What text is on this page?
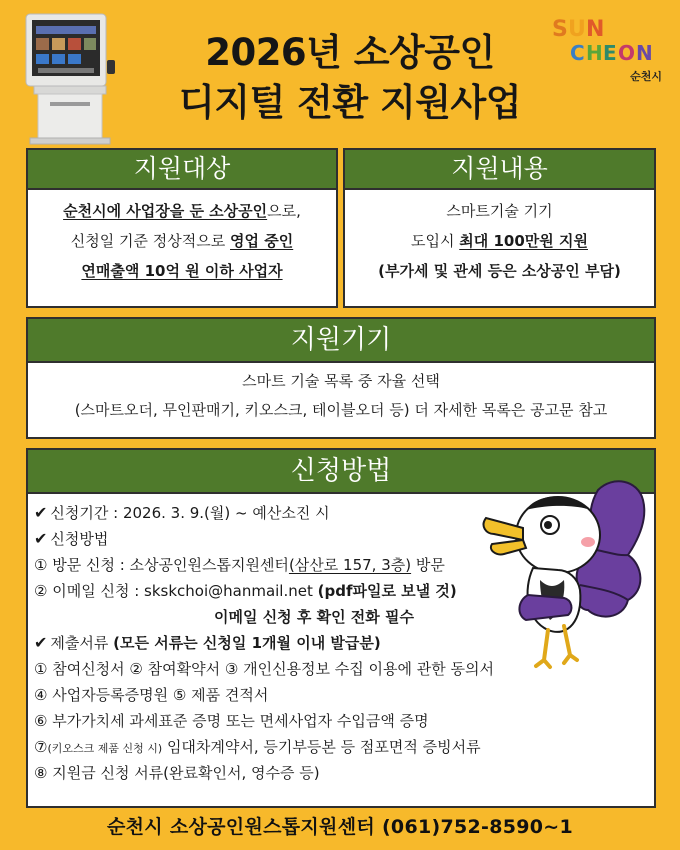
2026년 소상공인
디지털 전환 지원사업
S U N
C H E O N
순천시
지원대상
순천시에 사업장을 둔 소상공인으로,
신청일 기준 정상적으로 영업 중인
연매출액 10억 원 이하 사업자
지원내용
스마트기술 기기
도입시 최대 100만원 지원
(부가세 및 관세 등은 소상공인 부담)
지원기기
스마트 기술 목록 중 자율 선택
(스마트오더, 무인판매기, 키오스크, 테이블오더 등) 더 자세한 목록은 공고문 참고
신청방법
✔ 신청기간 : 2026. 3. 9.(월) ~ 예산소진 시
✔ 신청방법
① 방문 신청 : 소상공인원스톱지원센터(삼산로 157, 3층) 방문
② 이메일 신청 : skskchoi@hanmail.net (pdf파일로 보낼 것)
이메일 신청 후 확인 전화 필수
✔ 제출서류 (모든 서류는 신청일 1개월 이내 발급분)
① 참여신청서 ② 참여확약서 ③ 개인신용정보 수집 이용에 관한 동의서
④ 사업자등록증명원 ⑤ 제품 견적서
⑥ 부가가치세 과세표준 증명 또는 면세사업자 수입금액 증명
⑦(키오스크 제품 신청 시) 임대차계약서, 등기부등본 등 점포면적 증빙서류
⑧ 지원금 신청 서류(완료확인서, 영수증 등)
순천시 소상공인원스톱지원센터 (061)752-8590~1
